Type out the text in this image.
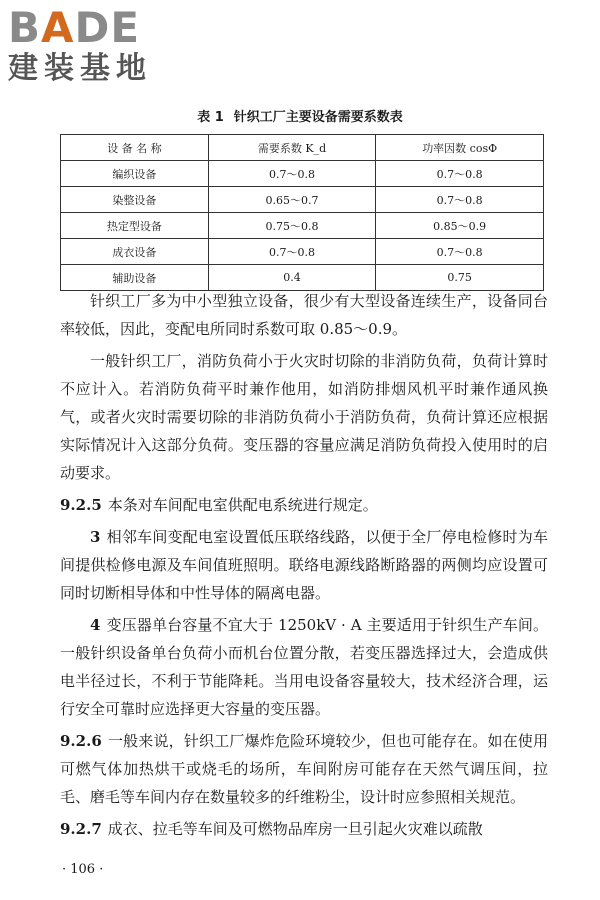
BADE
建装基地
表 1 针织工厂主要设备需要系数表
设 备 名 称	需要系数 K_d	功率因数 cosΦ
编织设备	0.7～0.8	0.7～0.8
染整设备	0.65～0.7	0.7～0.8
热定型设备	0.75～0.8	0.85～0.9
成衣设备	0.7～0.8	0.7～0.8
辅助设备	0.4	0.75

针织工厂多为中小型独立设备，很少有大型设备连续生产，设备同台率较低，因此，变配电所同时系数可取 0.85～0.9。

一般针织工厂，消防负荷小于火灾时切除的非消防负荷，负荷计算时不应计入。若消防负荷平时兼作他用，如消防排烟风机平时兼作通风换气，或者火灾时需要切除的非消防负荷小于消防负荷，负荷计算还应根据实际情况计入这部分负荷。变压器的容量应满足消防负荷投入使用时的启动要求。

9.2.5 本条对车间配电室供配电系统进行规定。

3 相邻车间变配电室设置低压联络线路，以便于全厂停电检修时为车间提供检修电源及车间值班照明。联络电源线路断路器的两侧均应设置可同时切断相导体和中性导体的隔离电器。

4 变压器单台容量不宜大于 1250kV · A 主要适用于针织生产车间。一般针织设备单台负荷小而机台位置分散，若变压器选择过大，会造成供电半径过长，不利于节能降耗。当用电设备容量较大，技术经济合理，运行安全可靠时应选择更大容量的变压器。

9.2.6 一般来说，针织工厂爆炸危险环境较少，但也可能存在。如在使用可燃气体加热烘干或烧毛的场所，车间附房可能存在天然气调压间，拉毛、磨毛等车间内存在数量较多的纤维粉尘，设计时应参照相关规范。

9.2.7 成衣、拉毛等车间及可燃物品库房一旦引起火灾难以疏散

· 106 ·
